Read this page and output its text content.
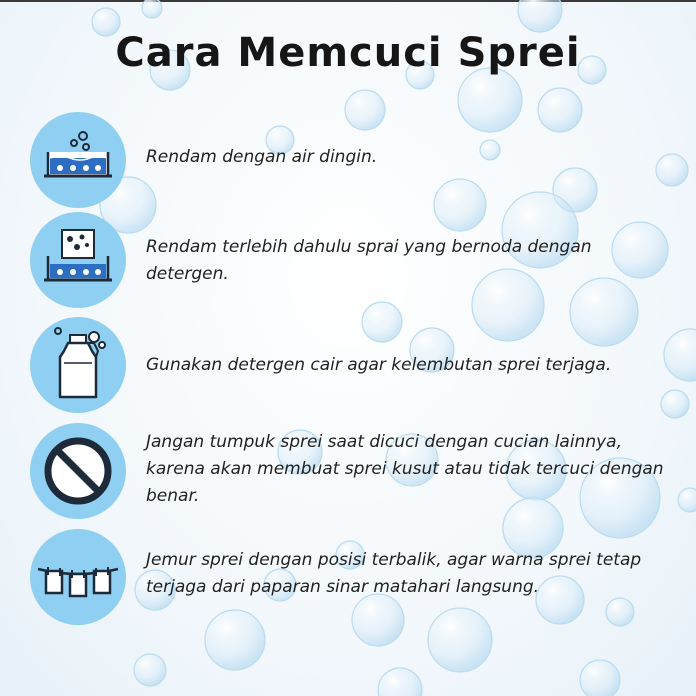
Cara Memcuci Sprei
Rendam dengan air dingin.
Rendam terlebih dahulu sprai yang bernoda dengan detergen.
Gunakan detergen cair agar kelembutan sprei terjaga.
Jangan tumpuk sprei saat dicuci dengan cucian lainnya, karena akan membuat sprei kusut atau tidak tercuci dengan benar.
Jemur sprei dengan posisi terbalik, agar warna sprei tetap terjaga dari paparan sinar matahari langsung.
